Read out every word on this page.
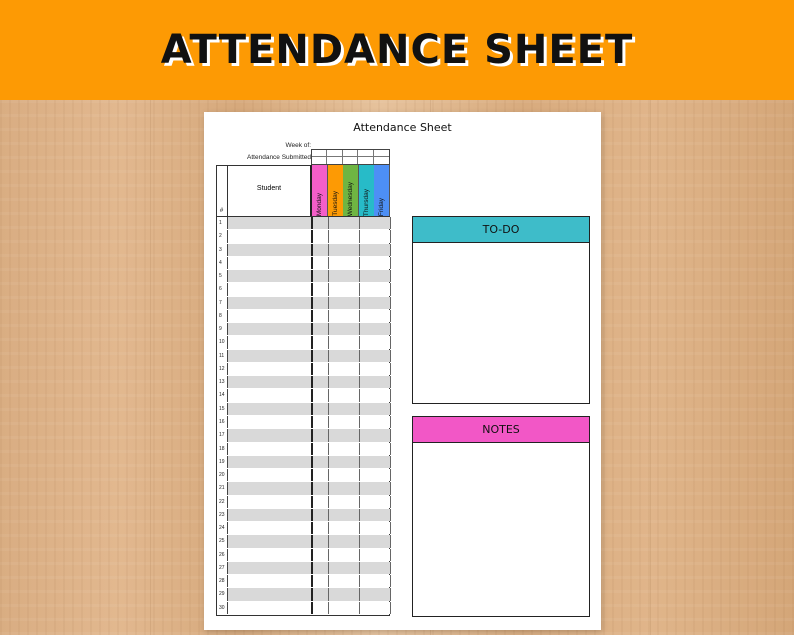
ATTENDANCE SHEET
Attendance Sheet
Week of:
Attendance Submitted
#
Student
Monday Tuesday Wednesday Thursday Friday
1
2
3
4
5
6
7
8
9
10
11
12
13
14
15
16
17
18
19
20
21
22
23
24
25
26
27
28
29
30
TO-DO
NOTES
